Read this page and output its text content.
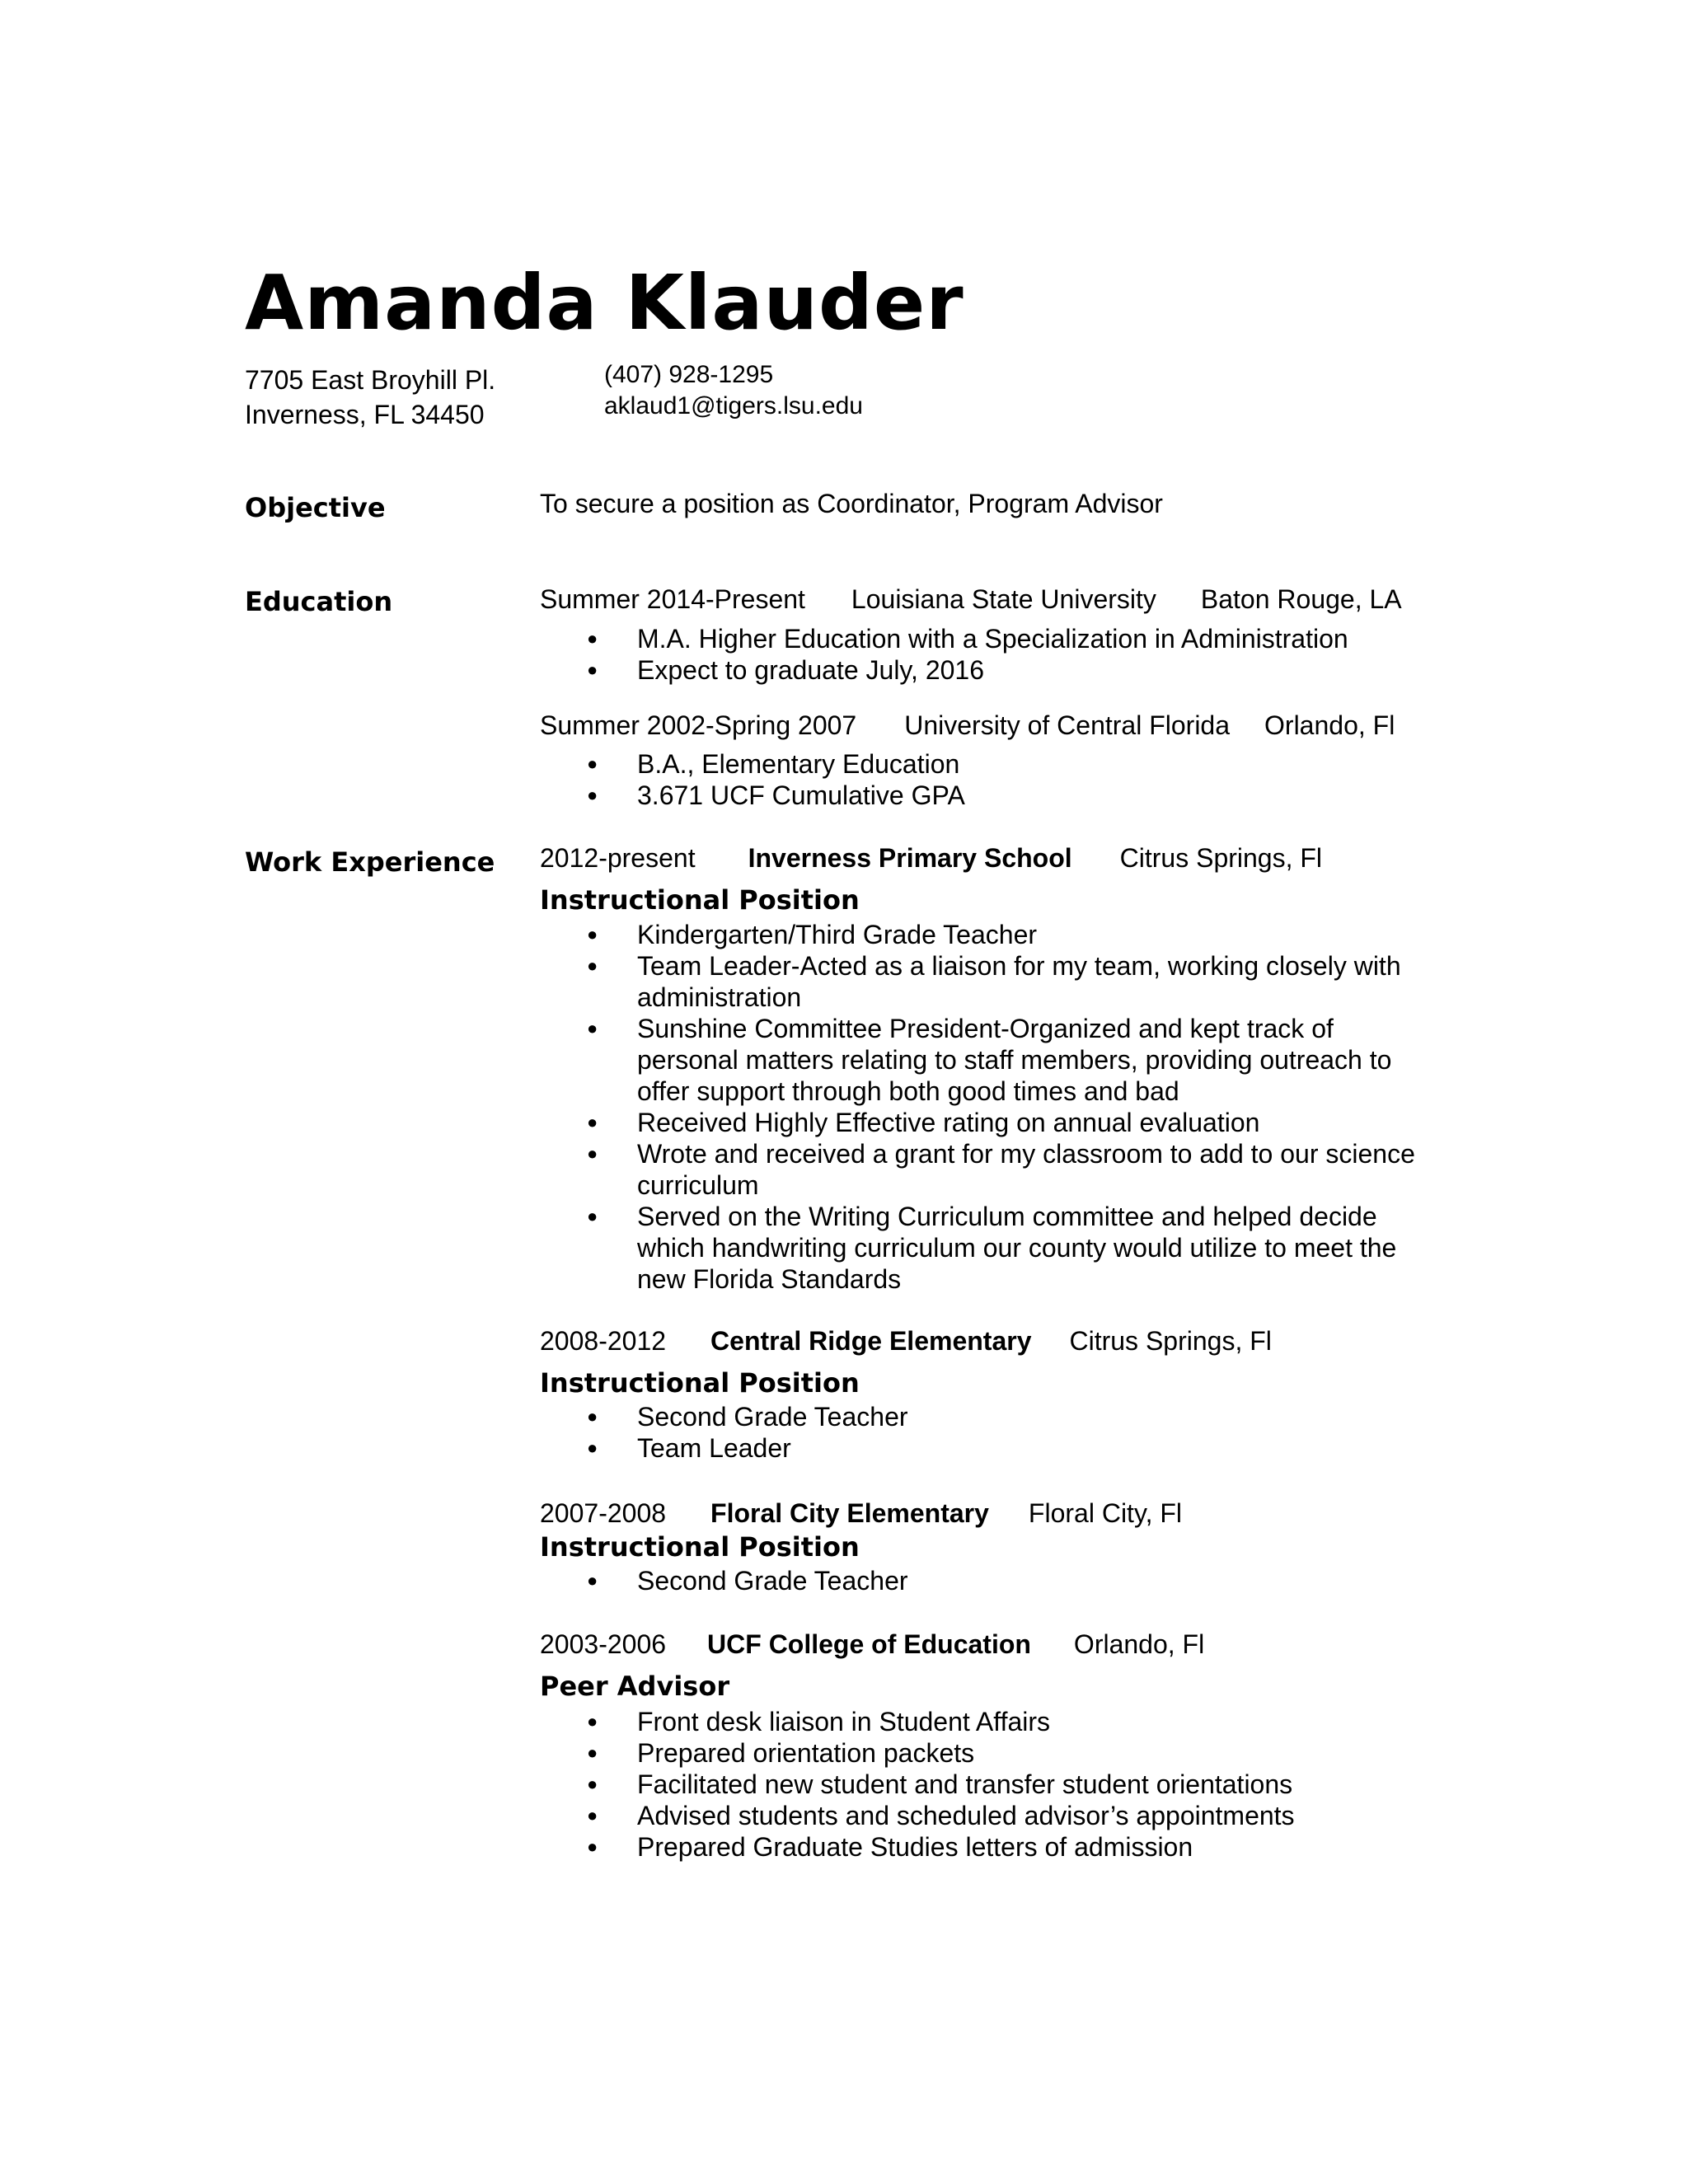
Amanda Klauder
7705 East Broyhill Pl.
Inverness, FL 34450
(407) 928-1295
aklaud1@tigers.lsu.edu
Objective	To secure a position as Coordinator, Program Advisor
Education	Summer 2014-Present Louisiana State University Baton Rouge, LA
● M.A. Higher Education with a Specialization in Administration
● Expect to graduate July, 2016
Summer 2002-Spring 2007 University of Central Florida Orlando, Fl
● B.A., Elementary Education
● 3.671 UCF Cumulative GPA
Work Experience 2012-present Inverness Primary School Citrus Springs, Fl
Instructional Position
● Kindergarten/Third Grade Teacher
● Team Leader-Acted as a liaison for my team, working closely with administration
● Sunshine Committee President-Organized and kept track of personal matters relating to staff members, providing outreach to offer support through both good times and bad
● Received Highly Effective rating on annual evaluation
● Wrote and received a grant for my classroom to add to our science curriculum
● Served on the Writing Curriculum committee and helped decide which handwriting curriculum our county would utilize to meet the new Florida Standards
2008-2012 Central Ridge Elementary Citrus Springs, Fl
Instructional Position
● Second Grade Teacher
● Team Leader
2007-2008 Floral City Elementary Floral City, Fl
Instructional Position
● Second Grade Teacher
2003-2006 UCF College of Education Orlando, Fl
Peer Advisor
● Front desk liaison in Student Affairs
● Prepared orientation packets
● Facilitated new student and transfer student orientations
● Advised students and scheduled advisor’s appointments
● Prepared Graduate Studies letters of admission
